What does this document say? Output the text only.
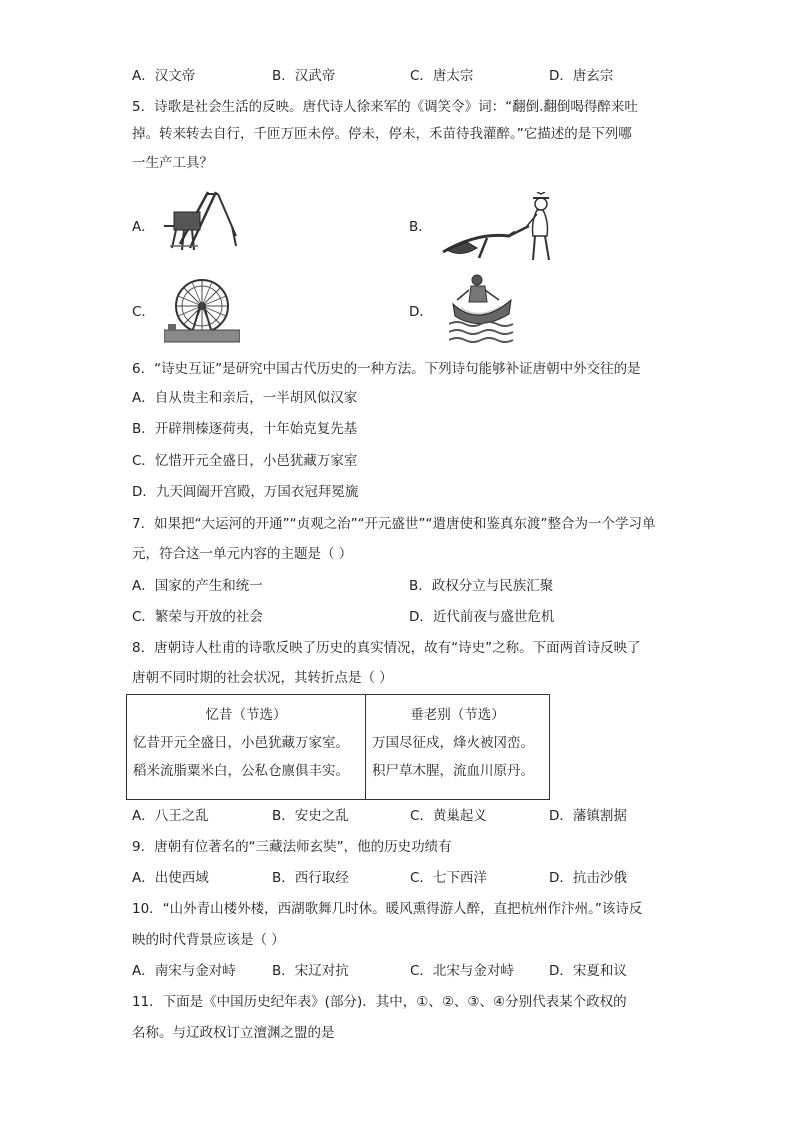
A．汉文帝	B．汉武帝	C．唐太宗	D．唐玄宗
5．诗歌是社会生活的反映。唐代诗人徐来军的《调笑令》词：“翻倒.翻倒喝得醉来吐
掉。转来转去自行，千匝万匝未停。停未，停未，禾苗待我灌醉。”它描述的是下列哪
一生产工具？
A．	B．
C．	D．
6．“诗史互证”是研究中国古代历史的一种方法。下列诗句能够补证唐朝中外交往的是
A．自从贵主和亲后，一半胡风似汉家
B．开辟荆榛逐荷夷，十年始克复先基
C．忆惜开元全盛日，小邑犹藏万家室
D．九天阊阖开宫殿，万国衣冠拜冕旒
7．如果把“大运河的开通”“贞观之治”“开元盛世”“遣唐使和鉴真东渡”整合为一个学习单
元，符合这一单元内容的主题是（ ）
A．国家的产生和统一	B．政权分立与民族汇聚
C．繁荣与开放的社会	D．近代前夜与盛世危机
8．唐朝诗人杜甫的诗歌反映了历史的真实情况，故有“诗史”之称。下面两首诗反映了
唐朝不同时期的社会状况，其转折点是（ ）
忆昔（节选）
忆昔开元全盛日，小邑犹藏万家室。
稻米流脂粟米白，公私仓廪俱丰实。

垂老别（节选）
万国尽征戍，烽火被冈峦。
积尸草木腥，流血川原丹。
A．八王之乱	B．安史之乱	C．黄巢起义	D．藩镇割据
9．唐朝有位著名的“三藏法师玄奘”，他的历史功绩有
A．出使西域	B．西行取经	C．七下西洋	D．抗击沙俄
10．“山外青山楼外楼，西湖歌舞几时休。暖风熏得游人醉，直把杭州作汴州。”该诗反
映的时代背景应该是（ ）
A．南宋与金对峙	B．宋辽对抗	C．北宋与金对峙	D．宋夏和议
11．下面是《中国历史纪年表》(部分)．其中，①、②、③、④分别代表某个政权的
名称。与辽政权订立澶渊之盟的是
